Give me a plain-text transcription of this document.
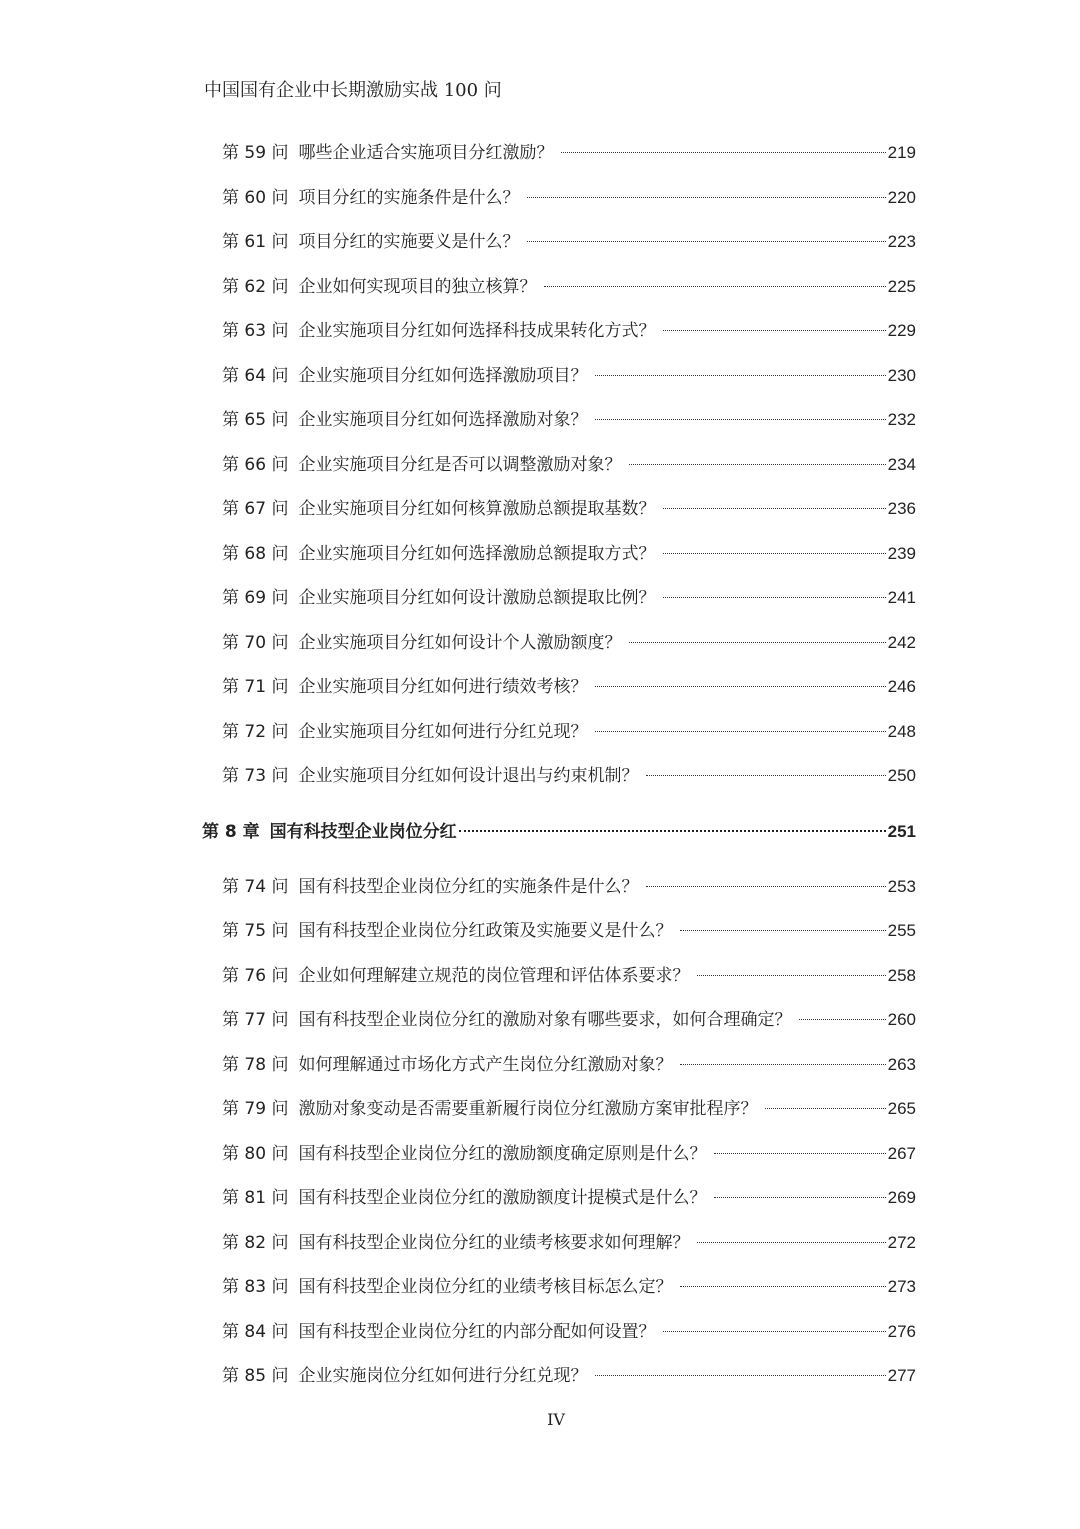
中国国有企业中长期激励实战 100 问
第 59 问 哪些企业适合实施项目分红激励？	219
第 60 问 项目分红的实施条件是什么？	220
第 61 问 项目分红的实施要义是什么？	223
第 62 问 企业如何实现项目的独立核算？	225
第 63 问 企业实施项目分红如何选择科技成果转化方式？	229
第 64 问 企业实施项目分红如何选择激励项目？	230
第 65 问 企业实施项目分红如何选择激励对象？	232
第 66 问 企业实施项目分红是否可以调整激励对象？	234
第 67 问 企业实施项目分红如何核算激励总额提取基数？	236
第 68 问 企业实施项目分红如何选择激励总额提取方式？	239
第 69 问 企业实施项目分红如何设计激励总额提取比例？	241
第 70 问 企业实施项目分红如何设计个人激励额度？	242
第 71 问 企业实施项目分红如何进行绩效考核？	246
第 72 问 企业实施项目分红如何进行分红兑现？	248
第 73 问 企业实施项目分红如何设计退出与约束机制？	250
第 8 章 国有科技型企业岗位分红	251
第 74 问 国有科技型企业岗位分红的实施条件是什么？	253
第 75 问 国有科技型企业岗位分红政策及实施要义是什么？	255
第 76 问 企业如何理解建立规范的岗位管理和评估体系要求？	258
第 77 问 国有科技型企业岗位分红的激励对象有哪些要求，如何合理确定？	260
第 78 问 如何理解通过市场化方式产生岗位分红激励对象？	263
第 79 问 激励对象变动是否需要重新履行岗位分红激励方案审批程序？	265
第 80 问 国有科技型企业岗位分红的激励额度确定原则是什么？	267
第 81 问 国有科技型企业岗位分红的激励额度计提模式是什么？	269
第 82 问 国有科技型企业岗位分红的业绩考核要求如何理解？	272
第 83 问 国有科技型企业岗位分红的业绩考核目标怎么定？	273
第 84 问 国有科技型企业岗位分红的内部分配如何设置？	276
第 85 问 企业实施岗位分红如何进行分红兑现？	277
IV
